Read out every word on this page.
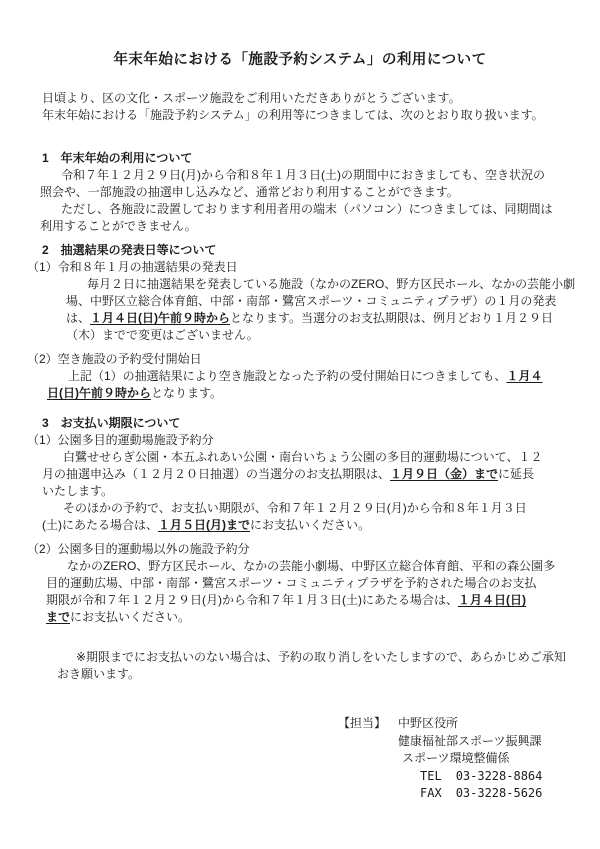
年末年始における「施設予約システム」の利用について
日頃より、区の文化・スポーツ施設をご利用いただきありがとうございます。
年末年始における「施設予約システム」の利用等につきましては、次のとおり取り扱います。
1　年末年始の利用について
令和７年１２月２９日(月)から令和８年１月３日(土)の期間中におきましても、空き状況の
照会や、一部施設の抽選申し込みなど、通常どおり利用することができます。
ただし、各施設に設置しております利用者用の端末（パソコン）につきましては、同期間は
利用することができません。
2　抽選結果の発表日等について
（1）令和８年１月の抽選結果の発表日
毎月２日に抽選結果を発表している施設（なかのZERO、野方区民ホール、なかの芸能小劇
場、中野区立総合体育館、中部・南部・鷺宮スポーツ・コミュニティプラザ）の１月の発表
は、１月４日(日)午前９時からとなります。当選分のお支払期限は、例月どおり１月２９日
（木）までで変更はございません。
（2）空き施設の予約受付開始日
上記（1）の抽選結果により空き施設となった予約の受付開始日につきましても、１月４
日(日)午前９時からとなります。
3　お支払い期限について
（1）公園多目的運動場施設予約分
白鷺せせらぎ公園・本五ふれあい公園・南台いちょう公園の多目的運動場について、１２
月の抽選申込み（１２月２０日抽選）の当選分のお支払期限は、１月９日（金）までに延長
いたします。
そのほかの予約で、お支払い期限が、令和７年１２月２９日(月)から令和８年１月３日
(土)にあたる場合は、１月５日(月)までにお支払いください。
（2）公園多目的運動場以外の施設予約分
なかのZERO、野方区民ホール、なかの芸能小劇場、中野区立総合体育館、平和の森公園多
目的運動広場、中部・南部・鷺宮スポーツ・コミュニティプラザを予約された場合のお支払
期限が令和７年１２月２９日(月)から令和７年１月３日(土)にあたる場合は、１月４日(日)
までにお支払いください。
※期限までにお支払いのない場合は、予約の取り消しをいたしますので、あらかじめご承知
おき願います。
【担当】 中野区役所
健康福祉部スポーツ振興課
スポーツ環境整備係
TEL 03-3228-8864
FAX 03-3228-5626
